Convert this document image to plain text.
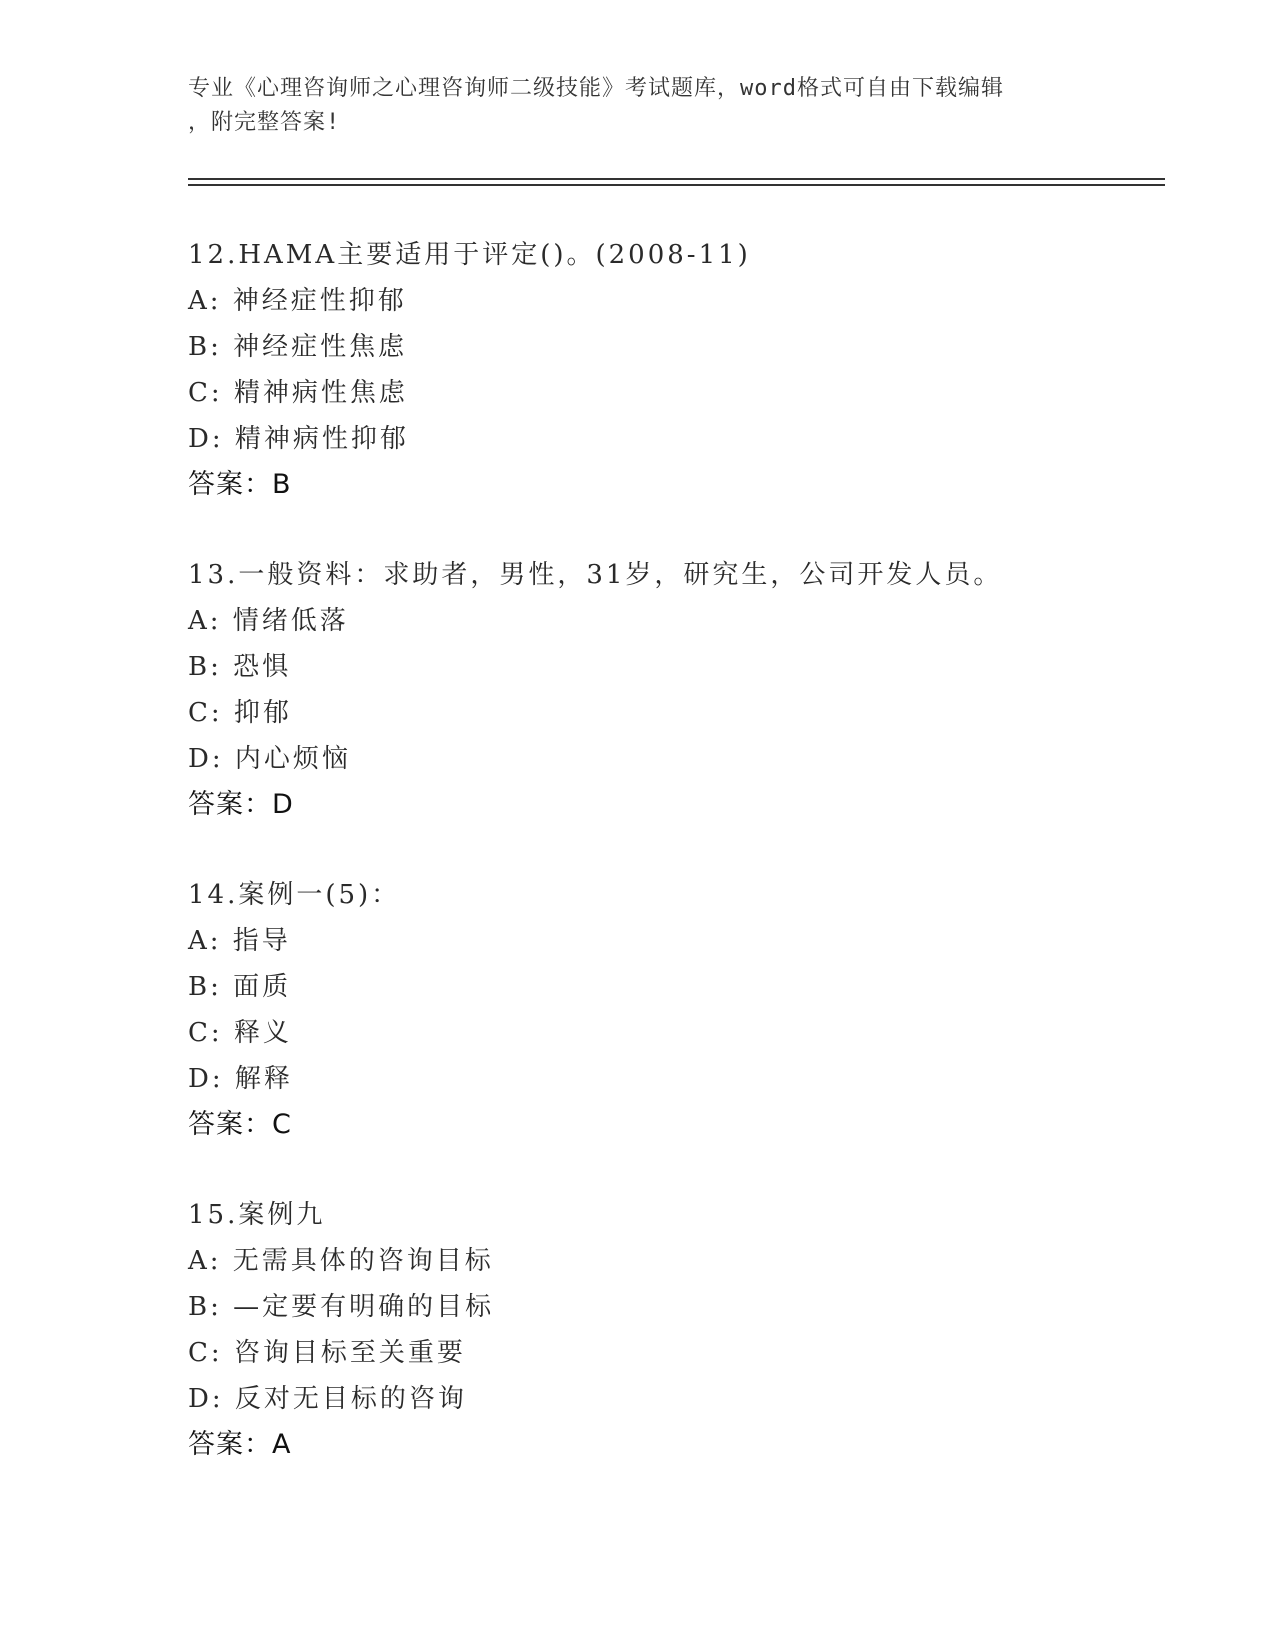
专业《心理咨询师之心理咨询师二级技能》考试题库，word格式可自由下载编辑
，附完整答案!
12.HAMA主要适用于评定()。(2008-11)
A: 神经症性抑郁
B: 神经症性焦虑
C: 精神病性焦虑
D: 精神病性抑郁
答案：B
13.一般资料：求助者，男性，31岁，研究生，公司开发人员。
A: 情绪低落
B: 恐惧
C: 抑郁
D: 内心烦恼
答案：D
14.案例一(5)：
A: 指导
B: 面质
C: 释义
D: 解释
答案：C
15.案例九
A: 无需具体的咨询目标
B: —定要有明确的目标
C: 咨询目标至关重要
D: 反对无目标的咨询
答案：A
